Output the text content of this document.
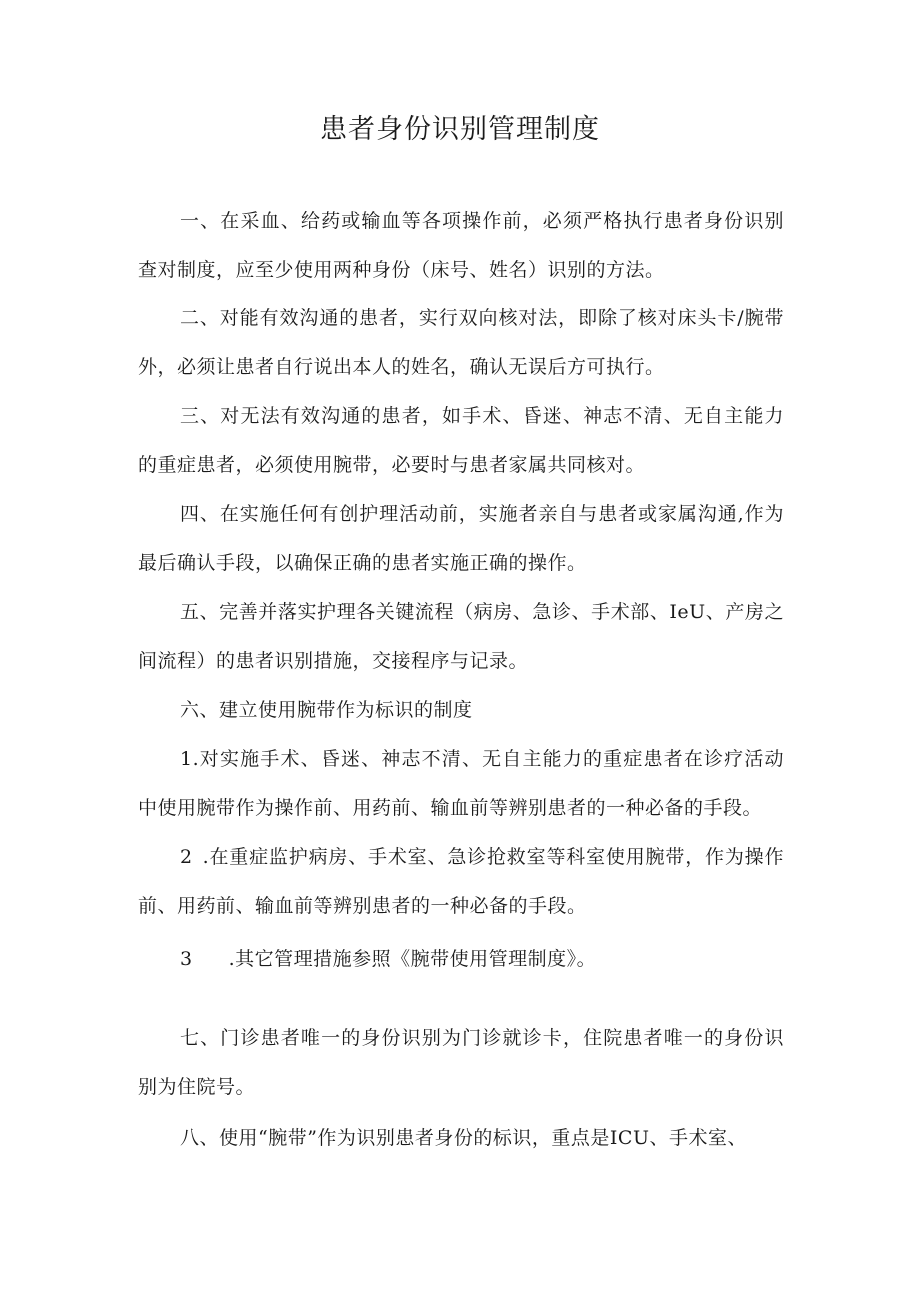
患者身份识别管理制度

一、在采血、给药或输血等各项操作前，必须严格执行患者身份识别查对制度，应至少使用两种身份（床号、姓名）识别的方法。

二、对能有效沟通的患者，实行双向核对法，即除了核对床头卡/腕带外，必须让患者自行说出本人的姓名，确认无误后方可执行。

三、对无法有效沟通的患者，如手术、昏迷、神志不清、无自主能力的重症患者，必须使用腕带，必要时与患者家属共同核对。

四、在实施任何有创护理活动前，实施者亲自与患者或家属沟通,作为最后确认手段，以确保正确的患者实施正确的操作。

五、完善并落实护理各关键流程（病房、急诊、手术部、IeU、产房之间流程）的患者识别措施，交接程序与记录。

六、建立使用腕带作为标识的制度

1.对实施手术、昏迷、神志不清、无自主能力的重症患者在诊疗活动中使用腕带作为操作前、用药前、输血前等辨别患者的一种必备的手段。

2 .在重症监护病房、手术室、急诊抢救室等科室使用腕带，作为操作前、用药前、输血前等辨别患者的一种必备的手段。

3 .其它管理措施参照《腕带使用管理制度》。

七、门诊患者唯一的身份识别为门诊就诊卡，住院患者唯一的身份识别为住院号。

八、使用“腕带”作为识别患者身份的标识，重点是ICU、手术室、
